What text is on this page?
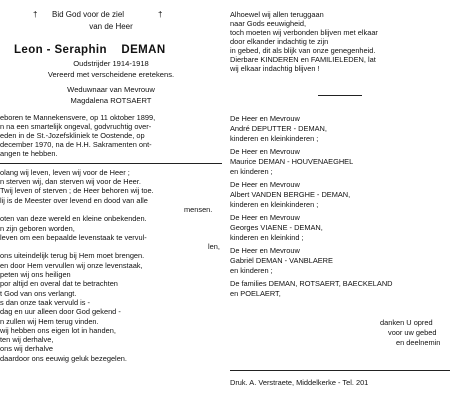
† Bid God voor de ziel	†
van de Heer
Leon - Seraphin DEMAN
Oudstrijder 1914-1918
Vereerd met verscheidene eretekens.
Weduwnaar van Mevrouw
Magdalena ROTSAERT
eboren te Mannekensvere, op 11 oktober 1899,
n na een smartelijk ongeval, godvruchtig over-
eden in de St.-Jozefskliniek te Oostende, op
december 1970, na de H.H. Sakramenten ont-
angen te hebben.
olang wij leven, leven wij voor de Heer ;
n sterven wij, dan sterven wij voor de Heer.
Twij leven of sterven ; de Heer behoren wij toe.
lij is de Meester over levend en dood van alle
mensen.
oten van deze wereld en kleine onbekenden.
n zijn geboren worden,
leven om een bepaalde levenstaak te vervul-
len,
ons uiteindelijk terug bij Hem moet brengen.
en door Hem vervullen wij onze levenstaak,
peten wij ons heiligen
por altijd en overal dat te betrachten
t God van ons verlangt.
s dan onze taak vervuld is -
dag en uur alleen door God gekend -
n zullen wij Hem terug vinden.
wij hebben ons eigen lot in handen,
ten wij derhalve,
ons wij derhalve
daardoor ons eeuwig geluk bezegelen.
Alhoewel wij allen teruggaan
naar Gods eeuwigheid,
toch moeten wij verbonden blijven met elkaar
door elkander indachtig te zijn
in gebed, dit als blijk van onze genegenheid.
Dierbare KINDEREN en FAMILIELEDEN, lat
wij elkaar indachtig blijven !
De Heer en Mevrouw
André DEPUTTER - DEMAN,
kinderen en kleinkinderen ;
De Heer en Mevrouw
Maurice DEMAN - HOUVENAEGHEL
en kinderen ;
De Heer en Mevrouw
Albert VANDEN BERGHE - DEMAN,
kinderen en kleinkinderen ;
De Heer en Mevrouw
Georges VIAENE - DEMAN,
kinderen en kleinkind ;
De Heer en Mevrouw
Gabriël DEMAN - VANBLAERE
en kinderen ;
De families DEMAN, ROTSAERT, BAECKELAND
en POELAERT,
danken U opred
voor uw gebed
en deelnemin
Druk. A. Verstraete, Middelkerke - Tel. 201
